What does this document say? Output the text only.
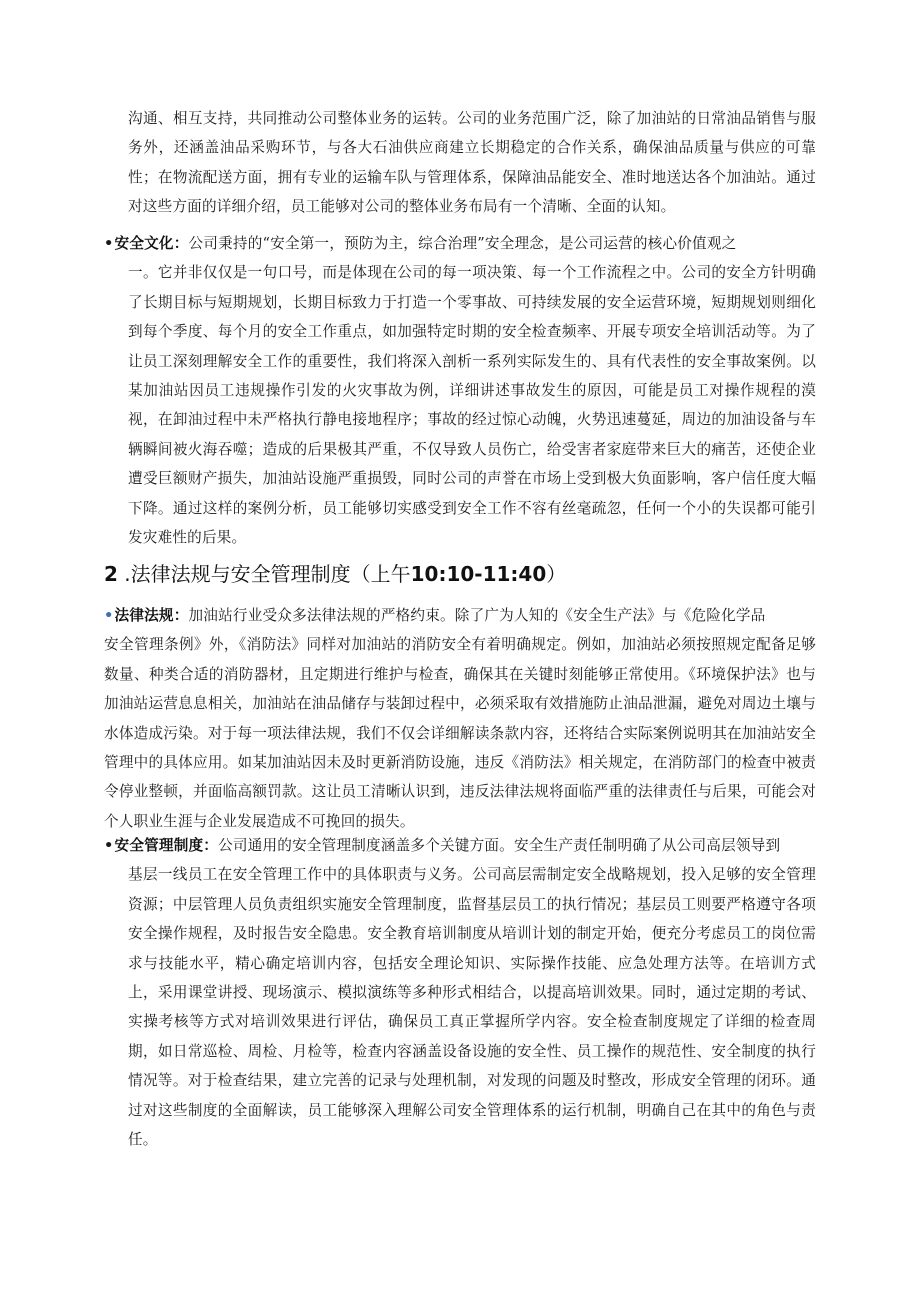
沟通、相互支持，共同推动公司整体业务的运转。公司的业务范围广泛，除了加油站的日常油品销售与服务外，还涵盖油品采购环节，与各大石油供应商建立长期稳定的合作关系，确保油品质量与供应的可靠性；在物流配送方面，拥有专业的运输车队与管理体系，保障油品能安全、准时地送达各个加油站。通过对这些方面的详细介绍，员工能够对公司的整体业务布局有一个清晰、全面的认知。
•安全文化：公司秉持的“安全第一，预防为主，综合治理”安全理念，是公司运营的核心价值观之
一。它并非仅仅是一句口号，而是体现在公司的每一项决策、每一个工作流程之中。公司的安全方针明确了长期目标与短期规划，长期目标致力于打造一个零事故、可持续发展的安全运营环境，短期规划则细化到每个季度、每个月的安全工作重点，如加强特定时期的安全检查频率、开展专项安全培训活动等。为了让员工深刻理解安全工作的重要性，我们将深入剖析一系列实际发生的、具有代表性的安全事故案例。以某加油站因员工违规操作引发的火灾事故为例，详细讲述事故发生的原因，可能是员工对操作规程的漠视，在卸油过程中未严格执行静电接地程序；事故的经过惊心动魄，火势迅速蔓延，周边的加油设备与车辆瞬间被火海吞噬；造成的后果极其严重，不仅导致人员伤亡，给受害者家庭带来巨大的痛苦，还使企业遭受巨额财产损失，加油站设施严重损毁，同时公司的声誉在市场上受到极大负面影响，客户信任度大幅下降。通过这样的案例分析，员工能够切实感受到安全工作不容有丝毫疏忽，任何一个小的失误都可能引发灾难性的后果。
2 .法律法规与安全管理制度（上午10:10-11:40）
•法律法规：加油站行业受众多法律法规的严格约束。除了广为人知的《安全生产法》与《危险化学品
安全管理条例》外，《消防法》同样对加油站的消防安全有着明确规定。例如，加油站必须按照规定配备足够数量、种类合适的消防器材，且定期进行维护与检查，确保其在关键时刻能够正常使用。《环境保护法》也与加油站运营息息相关，加油站在油品储存与装卸过程中，必须采取有效措施防止油品泄漏，避免对周边土壤与水体造成污染。对于每一项法律法规，我们不仅会详细解读条款内容，还将结合实际案例说明其在加油站安全管理中的具体应用。如某加油站因未及时更新消防设施，违反《消防法》相关规定，在消防部门的检查中被责令停业整顿，并面临高额罚款。这让员工清晰认识到，违反法律法规将面临严重的法律责任与后果，可能会对个人职业生涯与企业发展造成不可挽回的损失。
•安全管理制度：公司通用的安全管理制度涵盖多个关键方面。安全生产责任制明确了从公司高层领导到
基层一线员工在安全管理工作中的具体职责与义务。公司高层需制定安全战略规划，投入足够的安全管理资源；中层管理人员负责组织实施安全管理制度，监督基层员工的执行情况；基层员工则要严格遵守各项安全操作规程，及时报告安全隐患。安全教育培训制度从培训计划的制定开始，便充分考虑员工的岗位需求与技能水平，精心确定培训内容，包括安全理论知识、实际操作技能、应急处理方法等。在培训方式上，采用课堂讲授、现场演示、模拟演练等多种形式相结合，以提高培训效果。同时，通过定期的考试、实操考核等方式对培训效果进行评估，确保员工真正掌握所学内容。安全检查制度规定了详细的检查周期，如日常巡检、周检、月检等，检查内容涵盖设备设施的安全性、员工操作的规范性、安全制度的执行情况等。对于检查结果，建立完善的记录与处理机制，对发现的问题及时整改，形成安全管理的闭环。通过对这些制度的全面解读，员工能够深入理解公司安全管理体系的运行机制，明确自己在其中的角色与责任。
